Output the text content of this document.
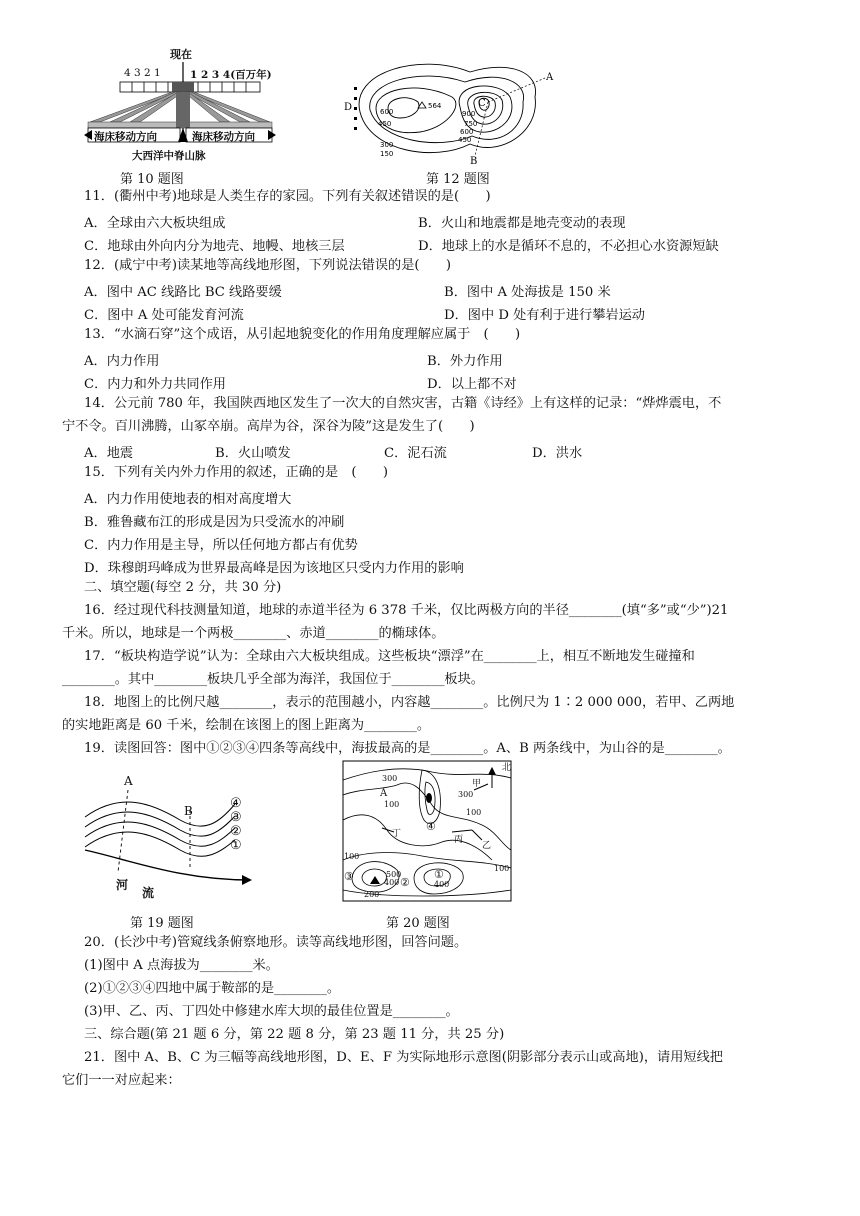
现在
4 3 2 1	1 2 3 4(百万年)
海床移动方向	海床移动方向
大西洋中脊山脉
第 10 题图
600
450
300
150
564
900
750
600
450
A
B
C
D
第 12 题图
11．(衢州中考)地球是人类生存的家园。下列有关叙述错误的是(　　)
A．全球由六大板块组成	B．火山和地震都是地壳变动的表现
C．地球由外向内分为地壳、地幔、地核三层	D．地球上的水是循环不息的，不必担心水资源短缺
12．(咸宁中考)读某地等高线地形图，下列说法错误的是(　　)
A．图中 AC 线路比 BC 线路要缓	B．图中 A 处海拔是 150 米
C．图中 A 处可能发育河流	D．图中 D 处有利于进行攀岩运动
13．“水滴石穿”这个成语，从引起地貌变化的作用角度理解应属于　(　　)
A．内力作用	B．外力作用
C．内力和外力共同作用	D．以上都不对
14．公元前 780 年，我国陕西地区发生了一次大的自然灾害，古籍《诗经》上有这样的记录：“烨烨震电，不
宁不令。百川沸腾，山冢卒崩。高岸为谷，深谷为陵”这是发生了(　　)
A．地震	B．火山喷发	C．泥石流	D．洪水
15．下列有关内外力作用的叙述，正确的是　(　　)
A．内力作用使地表的相对高度增大
B．雅鲁藏布江的形成是因为只受流水的冲刷
C．内力作用是主导，所以任何地方都占有优势
D．珠穆朗玛峰成为世界最高峰是因为该地区只受内力作用的影响
二、填空题(每空 2 分，共 30 分)
16．经过现代科技测量知道，地球的赤道半径为 6 378 千米，仅比两极方向的半径________(填“多”或“少”)21
千米。所以，地球是一个两极________、赤道________的椭球体。
17．“板块构造学说”认为：全球由六大板块组成。这些板块“漂浮”在________上，相互不断地发生碰撞和
________。其中________板块几乎全部为海洋，我国位于________板块。
18．地图上的比例尺越________，表示的范围越小，内容越________。比例尺为 1∶2 000 000，若甲、乙两地
的实地距离是 60 千米，绘制在该图上的图上距离为________。
19．读图回答：图中①②③④四条等高线中，海拔最高的是________。A、B 两条线中，为山谷的是________。
A
B	④
③
②
①
河
流
第 19 题图
北
300
100
A	300
100
丁
④
甲
丙
乙
100
③	400
500
②
①
400
100
200
第 20 题图
20．(长沙中考)管窥线条俯察地形。读等高线地形图，回答问题。
(1)图中 A 点海拔为________米。
(2)①②③④四地中属于鞍部的是________。
(3)甲、乙、丙、丁四处中修建水库大坝的最佳位置是________。
三、综合题(第 21 题 6 分，第 22 题 8 分，第 23 题 11 分，共 25 分)
21．图中 A、B、C 为三幅等高线地形图，D、E、F 为实际地形示意图(阴影部分表示山或高地)，请用短线把
它们一一对应起来：
